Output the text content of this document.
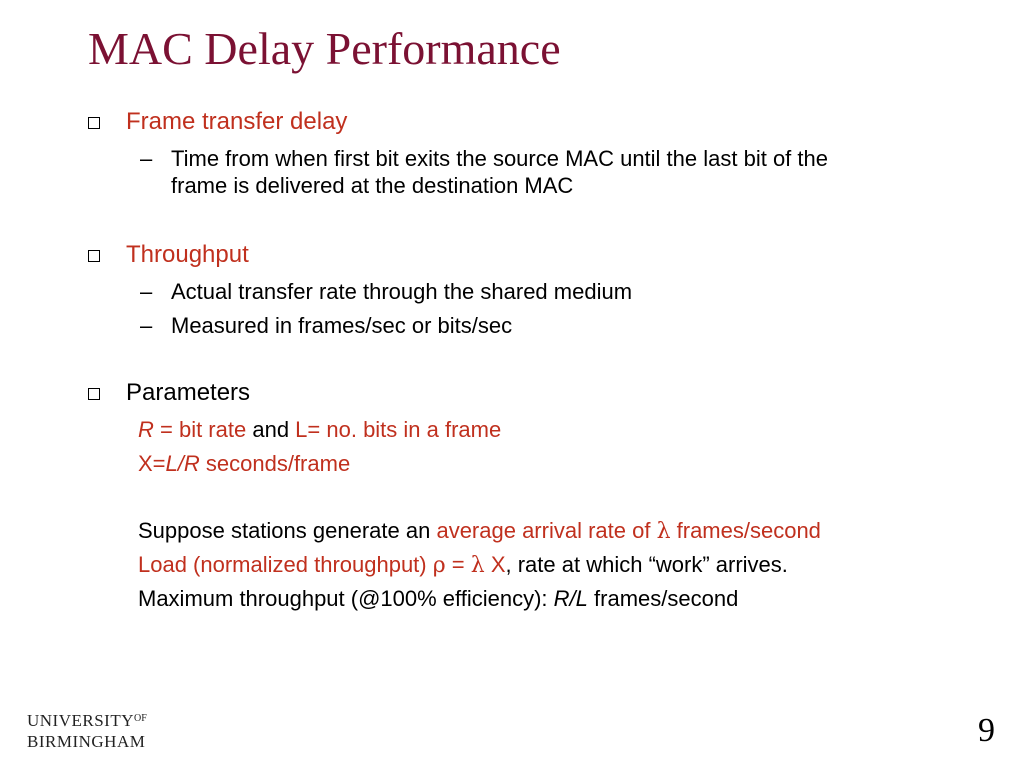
MAC Delay Performance
Frame transfer delay
– Time from when first bit exits the source MAC until the last bit of the
frame is delivered at the destination MAC
Throughput
– Actual transfer rate through the shared medium
– Measured in frames/sec or bits/sec
Parameters
R = bit rate and L= no. bits in a frame
X=L/R seconds/frame
Suppose stations generate an average arrival rate of λ frames/second
Load (normalized throughput) ρ = λ X, rate at which “work” arrives.
Maximum throughput (@100% efficiency): R/L frames/second
$UNIVERSITY^{OF}$
BIRMINGHAM	9
